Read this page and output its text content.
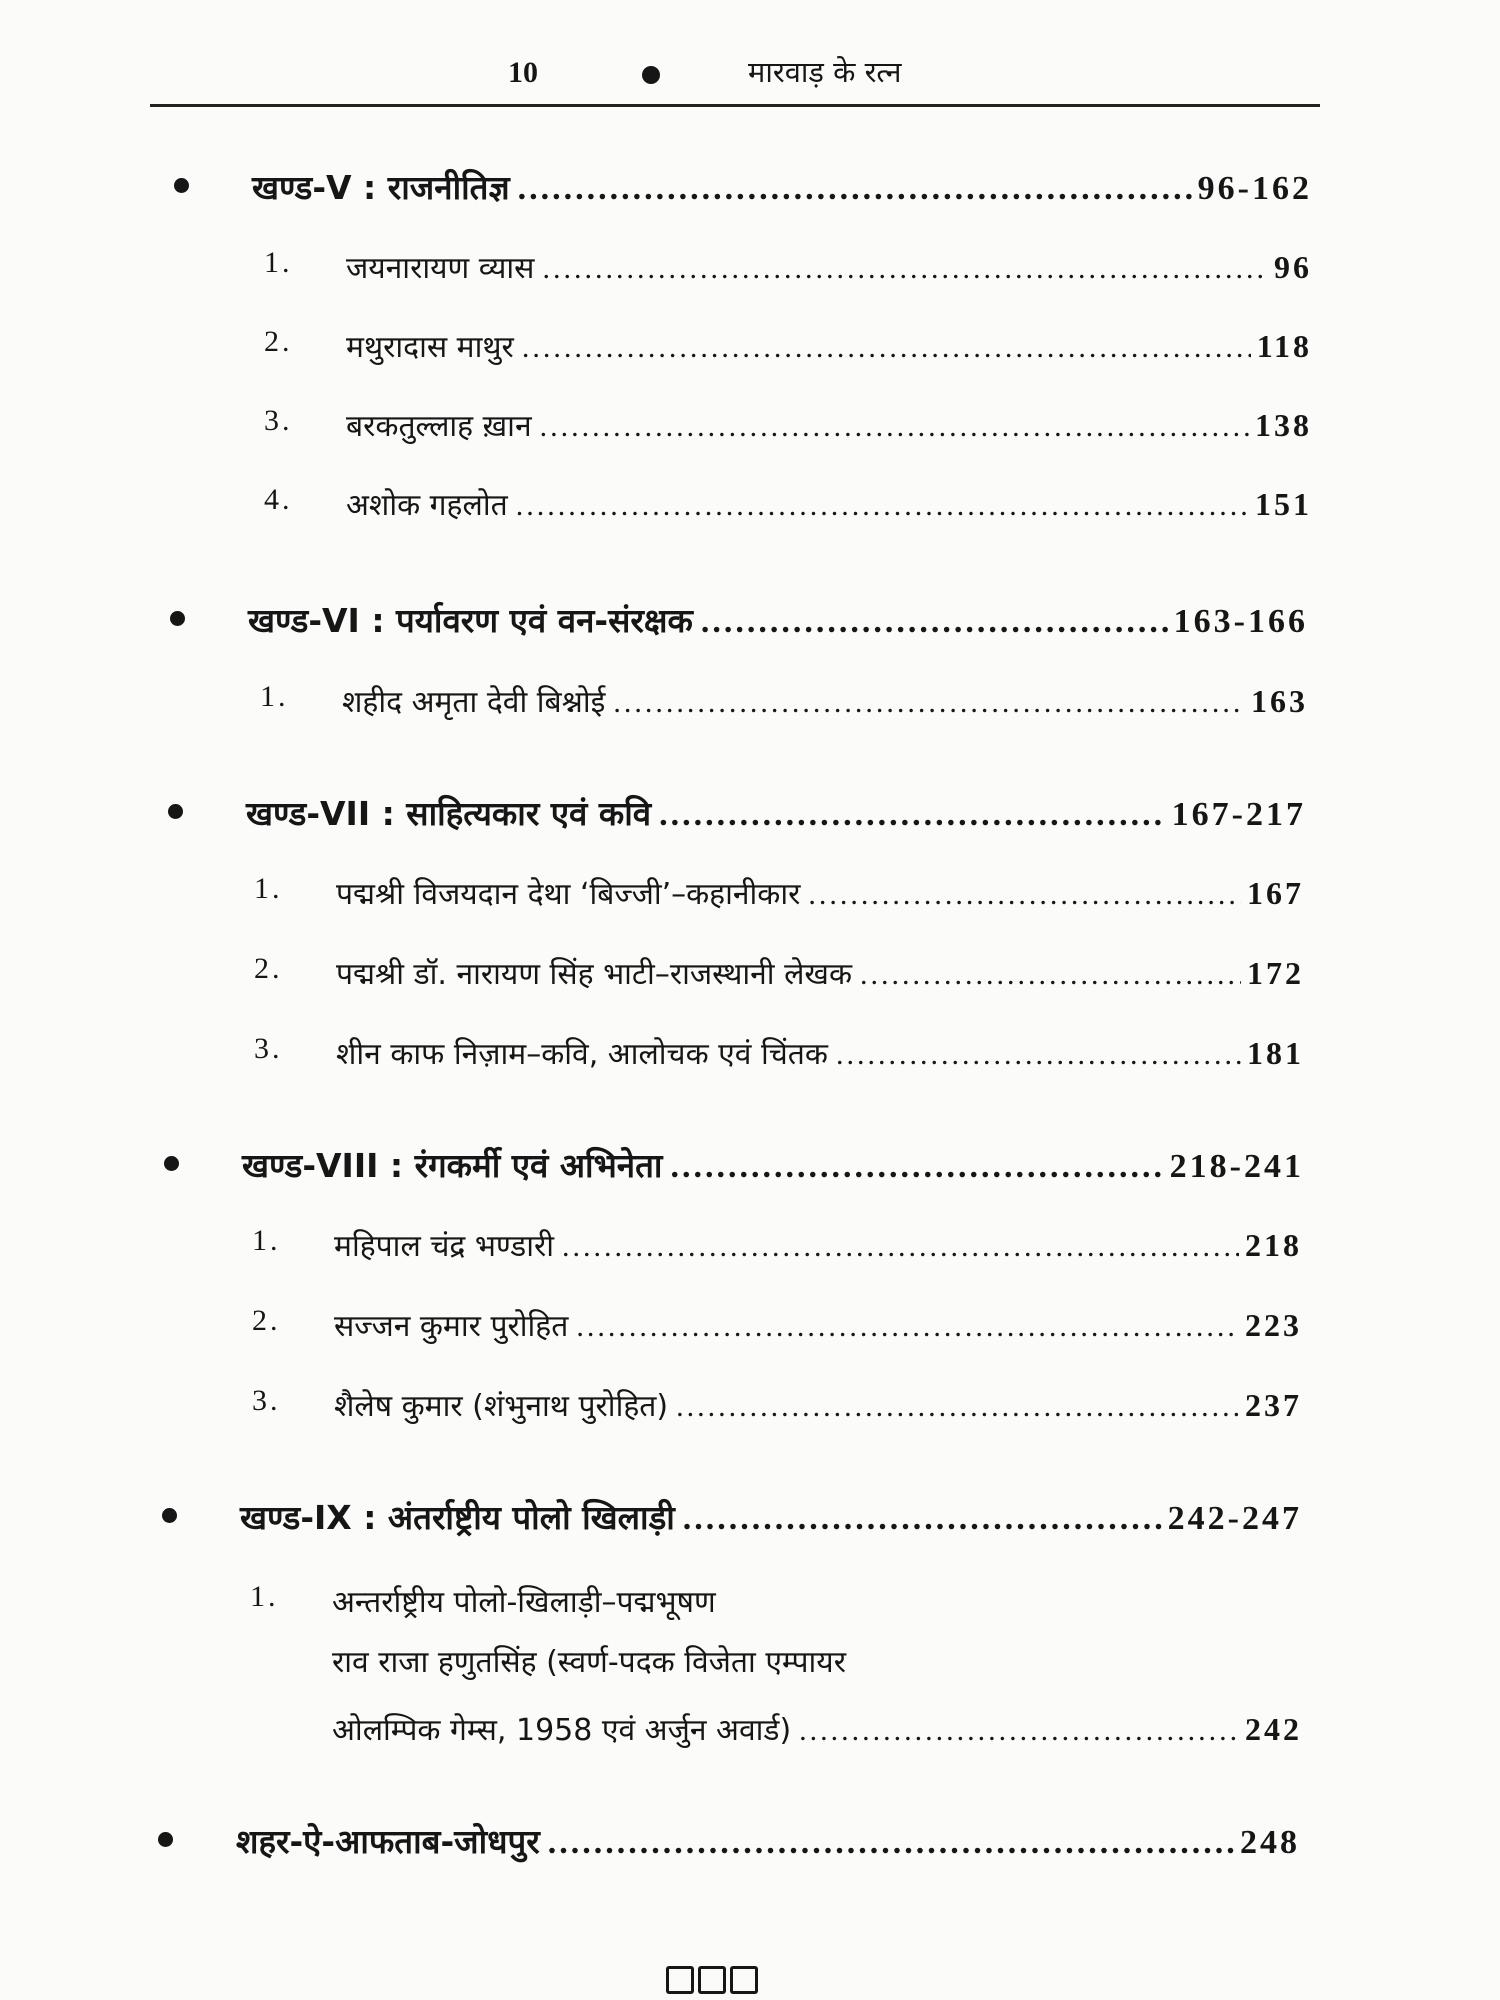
10	मारवाड़ के रत्न
खण्ड-V : राजनीतिज्ञ .....	96-162
1. जयनारायण व्यास .....	96
2. मथुरादास माथुर .....	118
3. बरकतुल्लाह ख़ान .....	138
4. अशोक गहलोत .....	151
खण्ड-VI : पर्यावरण एवं वन-संरक्षक .....	163-166
1. शहीद अमृता देवी बिश्नोई .....	163
खण्ड-VII : साहित्यकार एवं कवि .....	167-217
1. पद्मश्री विजयदान देथा ‘बिज्जी’–कहानीकार .....	167
2. पद्मश्री डॉ. नारायण सिंह भाटी–राजस्थानी लेखक .....	172
3. शीन काफ निज़ाम–कवि, आलोचक एवं चिंतक .....	181
खण्ड-VIII : रंगकर्मी एवं अभिनेता .....	218-241
1. महिपाल चंद्र भण्डारी .....	218
2. सज्जन कुमार पुरोहित .....	223
3. शैलेष कुमार (शंभुनाथ पुरोहित) .....	237
खण्ड-IX : अंतर्राष्ट्रीय पोलो खिलाड़ी .....	242-247
1. अन्तर्राष्ट्रीय पोलो-खिलाड़ी–पद्मभूषण
राव राजा हणुतसिंह (स्वर्ण-पदक विजेता एम्पायर
ओलम्पिक गेम्स, 1958 एवं अर्जुन अवार्ड) .....	242
शहर-ऐ-आफताब-जोधपुर .....	248
